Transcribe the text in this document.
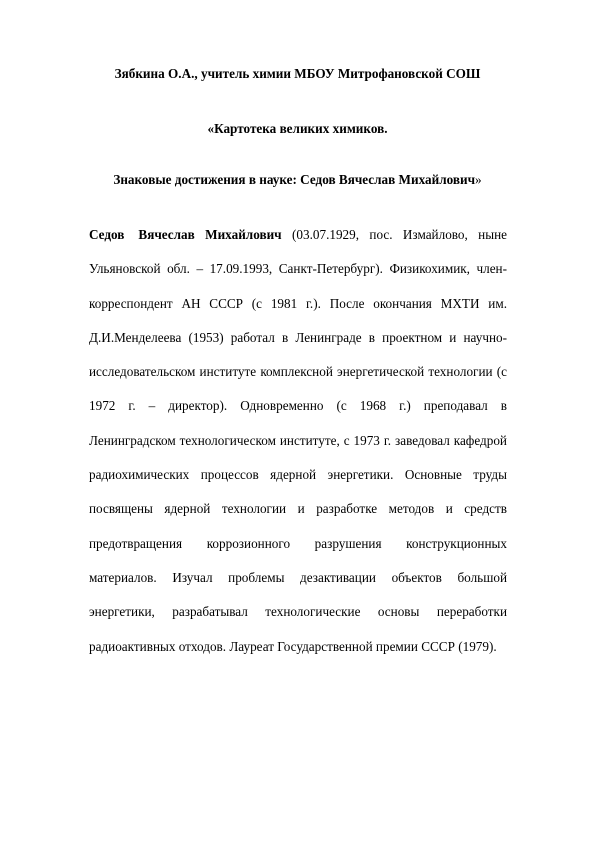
Зябкина О.А., учитель химии МБОУ Митрофановской СОШ
«Картотека великих химиков.
Знаковые достижения в науке: Седов Вячеслав Михайлович»

Седов Вячеслав Михайлович (03.07.1929, пос. Измайлово, ныне Ульяновской обл. – 17.09.1993, Санкт-Петербург). Физикохимик, член-корреспондент АН СССР (с 1981 г.). После окончания МХТИ им. Д.И.Менделеева (1953) работал в Ленинграде в проектном и научно-исследовательском институте комплексной энергетической технологии (с 1972 г. – директор). Одновременно (с 1968 г.) преподавал в Ленинградском технологическом институте, с 1973 г. заведовал кафедрой радиохимических процессов ядерной энергетики. Основные труды посвящены ядерной технологии и разработке методов и средств предотвращения коррозионного разрушения конструкционных материалов. Изучал проблемы дезактивации объектов большой энергетики, разрабатывал технологические основы переработки радиоактивных отходов. Лауреат Государственной премии СССР (1979).
